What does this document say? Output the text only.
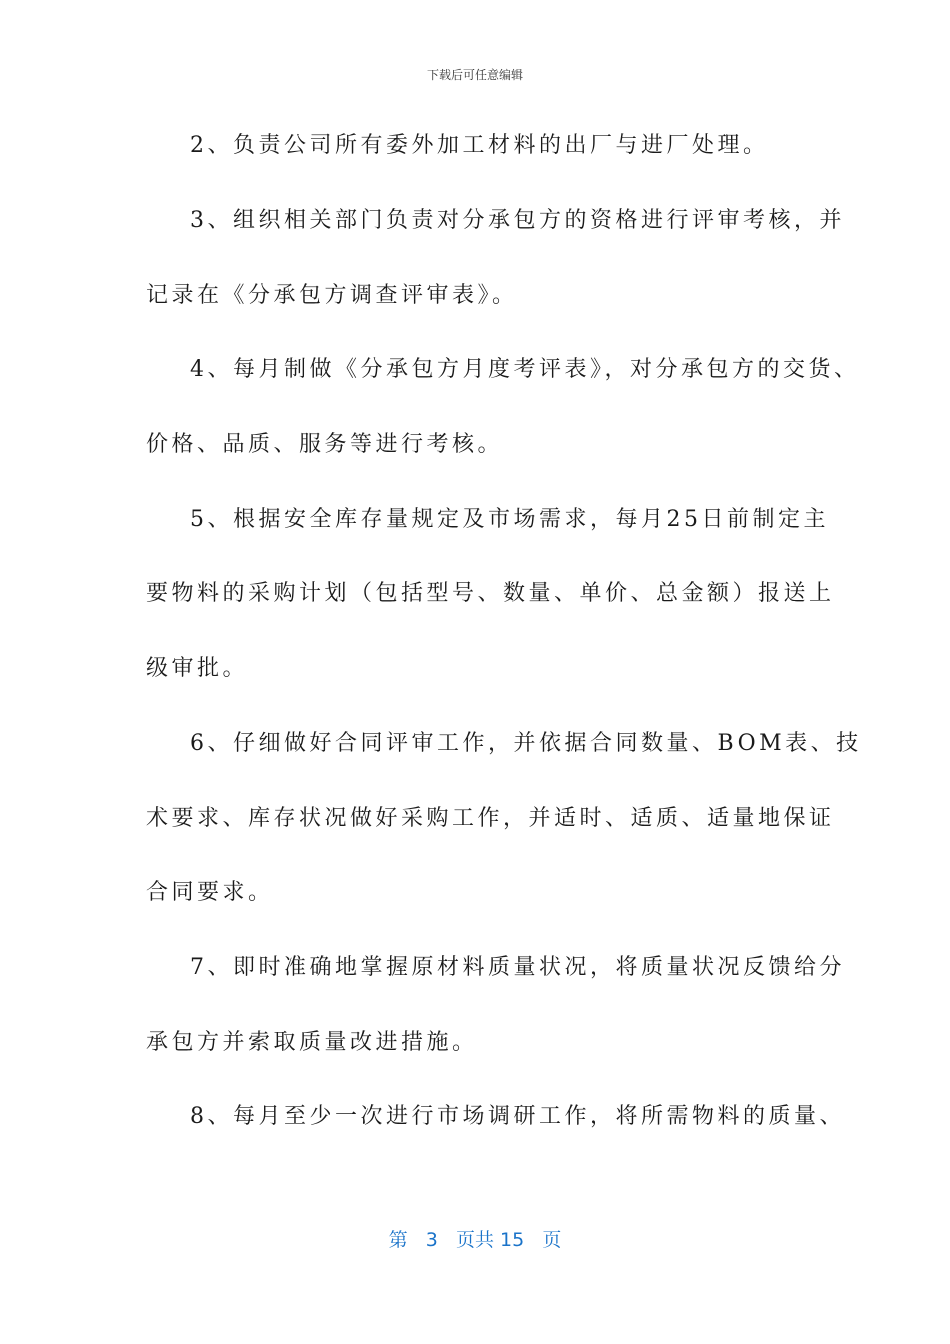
下载后可任意编辑
2、负责公司所有委外加工材料的出厂与进厂处理。
3、组织相关部门负责对分承包方的资格进行评审考核，并
记录在《分承包方调查评审表》。
4、每月制做《分承包方月度考评表》，对分承包方的交货、
价格、品质、服务等进行考核。
5、根据安全库存量规定及市场需求，每月25日前制定主
要物料的采购计划（包括型号、数量、单价、总金额）报送上
级审批。
6、仔细做好合同评审工作，并依据合同数量、BOM表、技
术要求、库存状况做好采购工作，并适时、适质、适量地保证
合同要求。
7、即时准确地掌握原材料质量状况，将质量状况反馈给分
承包方并索取质量改进措施。
8、每月至少一次进行市场调研工作，将所需物料的质量、
第 3 页共 15 页
